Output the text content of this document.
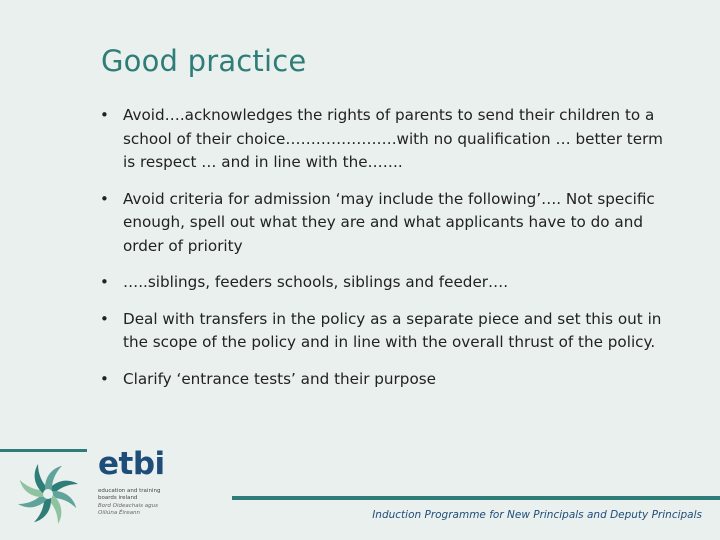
Good practice
• Avoid….acknowledges the rights of parents to send their children to a school of their choice………………….with no qualification … better term is respect … and in line with the…….
• Avoid criteria for admission ‘may include the following’…. Not specific enough, spell out what they are and what applicants have to do and order of priority
• …..siblings, feeders schools, siblings and feeder….
• Deal with transfers in the policy as a separate piece and set this out in the scope of the policy and in line with the overall thrust of the policy.
• Clarify ‘entrance tests’ and their purpose
etbi
education and training
boards ireland
Bord Oideachais agus
Oiliúna Éireann	Induction Programme for New Principals and Deputy Principals
